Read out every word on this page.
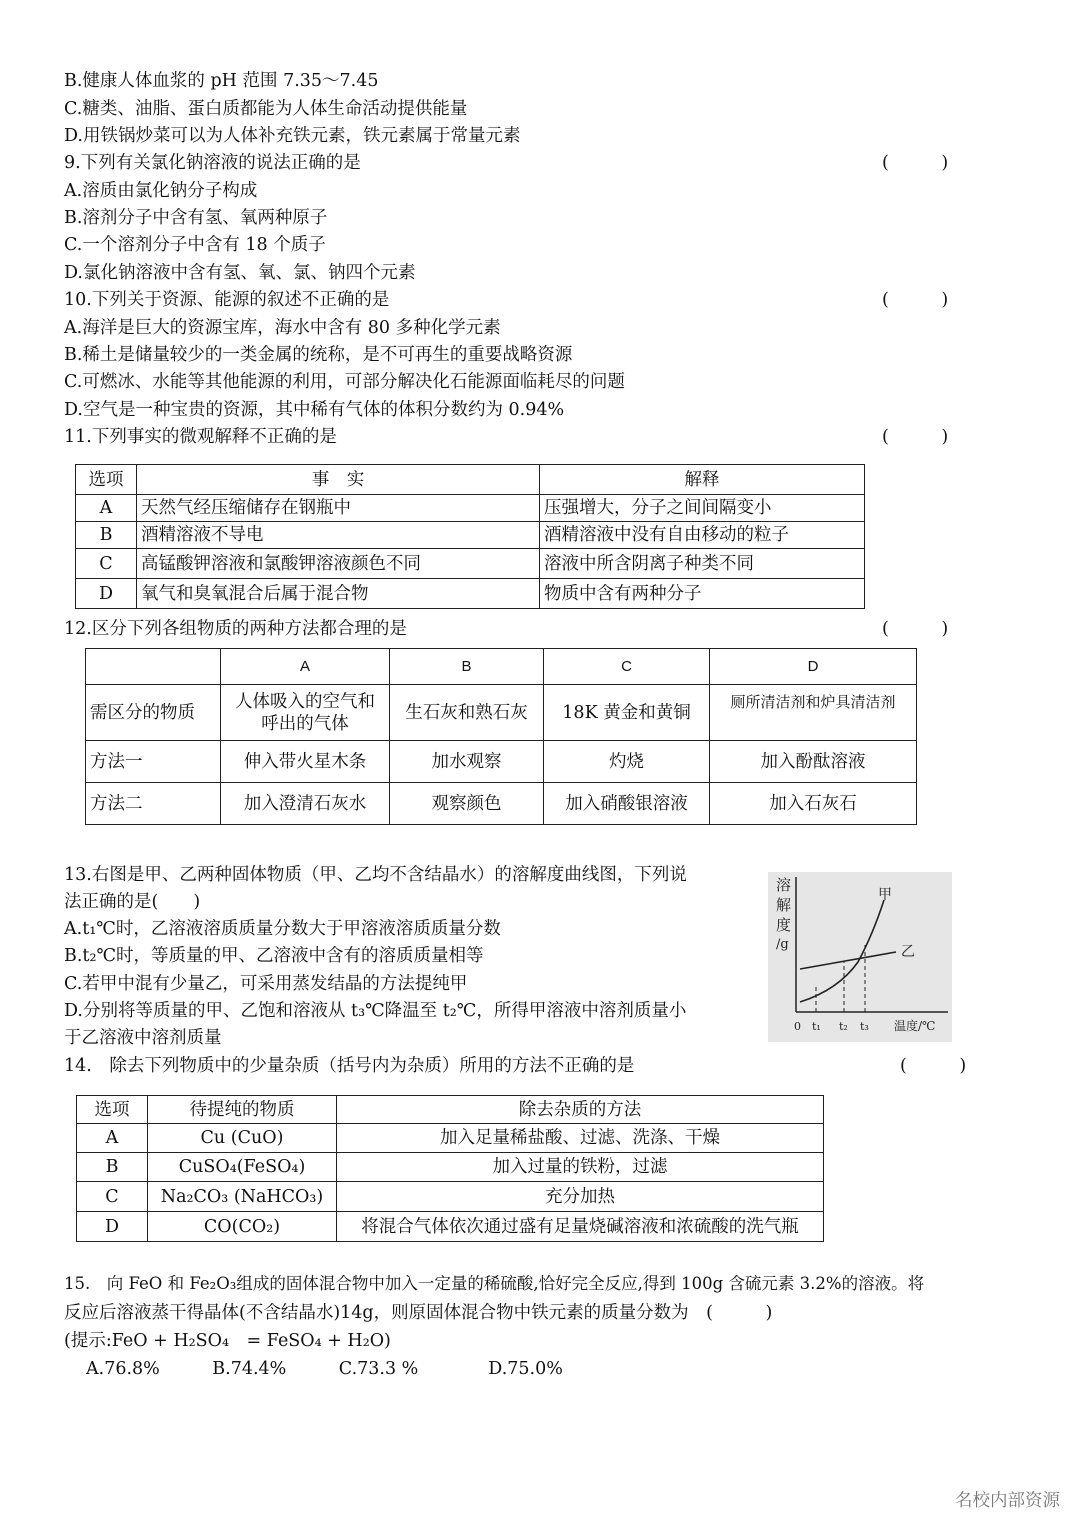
B.健康人体血浆的 pH 范围 7.35～7.45
C.糖类、油脂、蛋白质都能为人体生命活动提供能量
D.用铁锅炒菜可以为人体补充铁元素，铁元素属于常量元素
9.下列有关氯化钠溶液的说法正确的是	(　　　)
A.溶质由氯化钠分子构成
B.溶剂分子中含有氢、氧两种原子
C.一个溶剂分子中含有 18 个质子
D.氯化钠溶液中含有氢、氧、氯、钠四个元素
10.下列关于资源、能源的叙述不正确的是	(　　　)
A.海洋是巨大的资源宝库，海水中含有 80 多种化学元素
B.稀土是储量较少的一类金属的统称，是不可再生的重要战略资源
C.可燃冰、水能等其他能源的利用，可部分解决化石能源面临耗尽的问题
D.空气是一种宝贵的资源，其中稀有气体的体积分数约为 0.94%
11.下列事实的微观解释不正确的是	(　　　)
选项	事　实	解释
A	天然气经压缩储存在钢瓶中	压强增大，分子之间间隔变小
B	酒精溶液不导电	酒精溶液中没有自由移动的粒子
C	高锰酸钾溶液和氯酸钾溶液颜色不同	溶液中所含阴离子种类不同
D	氧气和臭氧混合后属于混合物	物质中含有两种分子
12.区分下列各组物质的两种方法都合理的是	(　　　)
	A	B	C	D
需区分的物质	人体吸入的空气和呼出的气体	生石灰和熟石灰	18K 黄金和黄铜	厕所清洁剂和炉具清洁剂
方法一	伸入带火星木条	加水观察	灼烧	加入酚酞溶液
方法二	加入澄清石灰水	观察颜色	加入硝酸银溶液	加入石灰石
13.右图是甲、乙两种固体物质（甲、乙均不含结晶水）的溶解度曲线图，下列说
法正确的是(　　)
A.t₁℃时，乙溶液溶质质量分数大于甲溶液溶质质量分数
B.t₂℃时，等质量的甲、乙溶液中含有的溶质质量相等
C.若甲中混有少量乙，可采用蒸发结晶的方法提纯甲
D.分别将等质量的甲、乙饱和溶液从 t₃℃降温至 t₂℃，所得甲溶液中溶剂质量小
于乙溶液中溶剂质量
溶
解
度
/g
甲
乙
0 t₁ t₂ t₃ 温度/℃
14.　除去下列物质中的少量杂质（括号内为杂质）所用的方法不正确的是	(　　　)
选项	待提纯的物质	除去杂质的方法
A	Cu (CuO)	加入足量稀盐酸、过滤、洗涤、干燥
B	CuSO₄(FeSO₄)	加入过量的铁粉，过滤
C	Na₂CO₃ (NaHCO₃)	充分加热
D	CO(CO₂)	将混合气体依次通过盛有足量烧碱溶液和浓硫酸的洗气瓶
15.　向 FeO 和 Fe₂O₃组成的固体混合物中加入一定量的稀硫酸,恰好完全反应,得到 100g 含硫元素 3.2%的溶液。将
反应后溶液蒸干得晶体(不含结晶水)14g，则原固体混合物中铁元素的质量分数为　(　　　)
(提示:FeO + H₂SO₄　= FeSO₄ + H₂O)
A.76.8%　　　B.74.4%　　　C.73.3 %　　　　D.75.0%
名校内部资源
